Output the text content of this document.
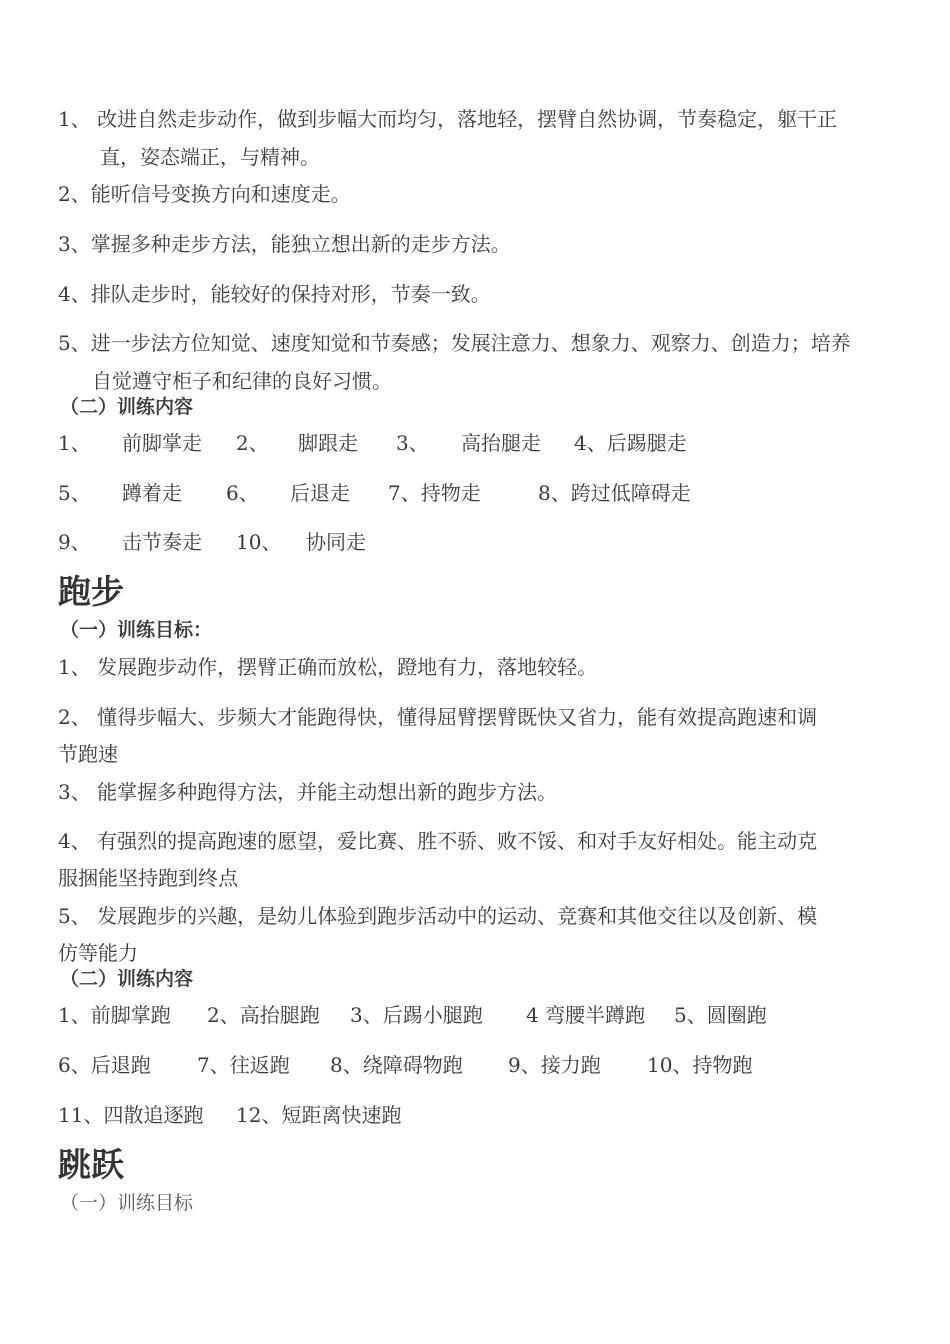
1、 改进自然走步动作，做到步幅大而均匀，落地轻，摆臂自然协调，节奏稳定，躯干正
直，姿态端正，与精神。
2、能听信号变换方向和速度走。
3、掌握多种走步方法，能独立想出新的走步方法。
4、排队走步时，能较好的保持对形，节奏一致。
5、进一步法方位知觉、速度知觉和节奏感；发展注意力、想象力、观察力、创造力；培养
自觉遵守柜子和纪律的良好习惯。
（二）训练内容
1、 前脚掌走 2、 脚跟走 3、 高抬腿走 4、后踢腿走
5、 蹲着走 6、 后退走 7、持物走	8、跨过低障碍走
9、 击节奏走 10、 协同走
跑步
（一）训练目标：
1、 发展跑步动作，摆臂正确而放松，蹬地有力，落地较轻。
2、 懂得步幅大、步频大才能跑得快，懂得屈臂摆臂既快又省力，能有效提高跑速和调
节跑速
3、 能掌握多种跑得方法，并能主动想出新的跑步方法。
4、 有强烈的提高跑速的愿望，爱比赛、胜不骄、败不馁、和对手友好相处。能主动克
服捆能坚持跑到终点
5、 发展跑步的兴趣，是幼儿体验到跑步活动中的运动、竞赛和其他交往以及创新、模
仿等能力
（二）训练内容
1、前脚掌跑 2、高抬腿跑 3、后踢小腿跑 4 弯腰半蹲跑 5、圆圈跑
6、后退跑 7、往返跑 8、绕障碍物跑 9、接力跑 10、持物跑
11、四散追逐跑 12、短距离快速跑
跳跃
（一）训练目标
